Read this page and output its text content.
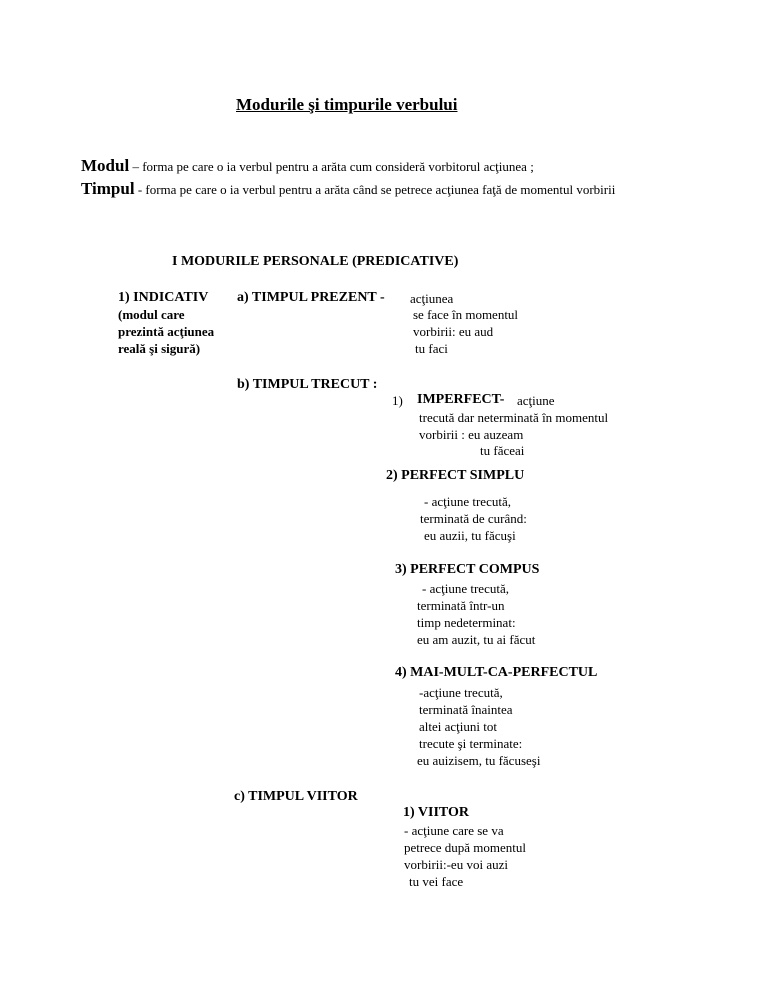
Modurile şi timpurile verbului
Modul – forma pe care o ia verbul pentru a arăta cum consideră vorbitorul acţiunea ;
Timpul - forma pe care o ia verbul pentru a arăta când se petrece acţiunea faţă de momentul vorbirii
I MODURILE PERSONALE (PREDICATIVE)
1) INDICATIV
(modul care
prezintă acţiunea
reală şi sigură)
a) TIMPUL PREZENT - acţiunea
se face în momentul
vorbirii: eu aud
tu faci
b) TIMPUL TRECUT :
1) IMPERFECT- acţiune
trecută dar neterminată în momentul
vorbirii : eu auzeam
tu făceai
2) PERFECT SIMPLU
- acţiune trecută,
terminată de curând:
eu auzii, tu făcuşi
3) PERFECT COMPUS
- acţiune trecută,
terminată într-un
timp nedeterminat:
eu am auzit, tu ai făcut
4) MAI-MULT-CA-PERFECTUL
-acţiune trecută,
terminată înaintea
altei acţiuni tot
trecute şi terminate:
eu auizisem, tu făcuseşi
c) TIMPUL VIITOR
1) VIITOR
- acţiune care se va
petrece după momentul
vorbirii:-eu voi auzi
tu vei face
